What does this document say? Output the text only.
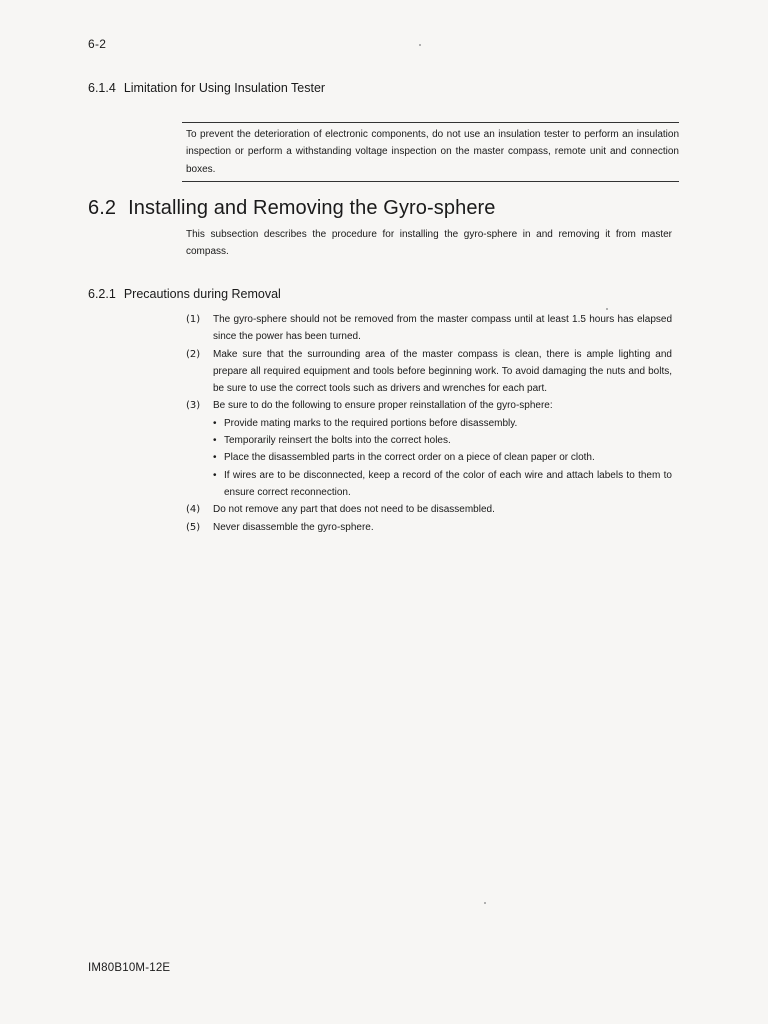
6-2
6.1.4 Limitation for Using Insulation Tester
To prevent the deterioration of electronic components, do not use an insulation tester to perform an insulation inspection or perform a withstanding voltage inspection on the master compass, remote unit and connection boxes.
6.2 Installing and Removing the Gyro-sphere
This subsection describes the procedure for installing the gyro-sphere in and removing it from master compass.
6.2.1 Precautions during Removal
(1)	The gyro-sphere should not be removed from the master compass until at least 1.5 hours has elapsed since the power has been turned.
(2)	Make sure that the surrounding area of the master compass is clean, there is ample lighting and prepare all required equipment and tools before beginning work. To avoid damaging the nuts and bolts, be sure to use the correct tools such as drivers and wrenches for each part.
(3)	Be sure to do the following to ensure proper reinstallation of the gyro-sphere:
• Provide mating marks to the required portions before disassembly.
• Temporarily reinsert the bolts into the correct holes.
• Place the disassembled parts in the correct order on a piece of clean paper or cloth.
• If wires are to be disconnected, keep a record of the color of each wire and attach labels to them to ensure correct reconnection.
(4)	Do not remove any part that does not need to be disassembled.
(5)	Never disassemble the gyro-sphere.
IM80B10M-12E
